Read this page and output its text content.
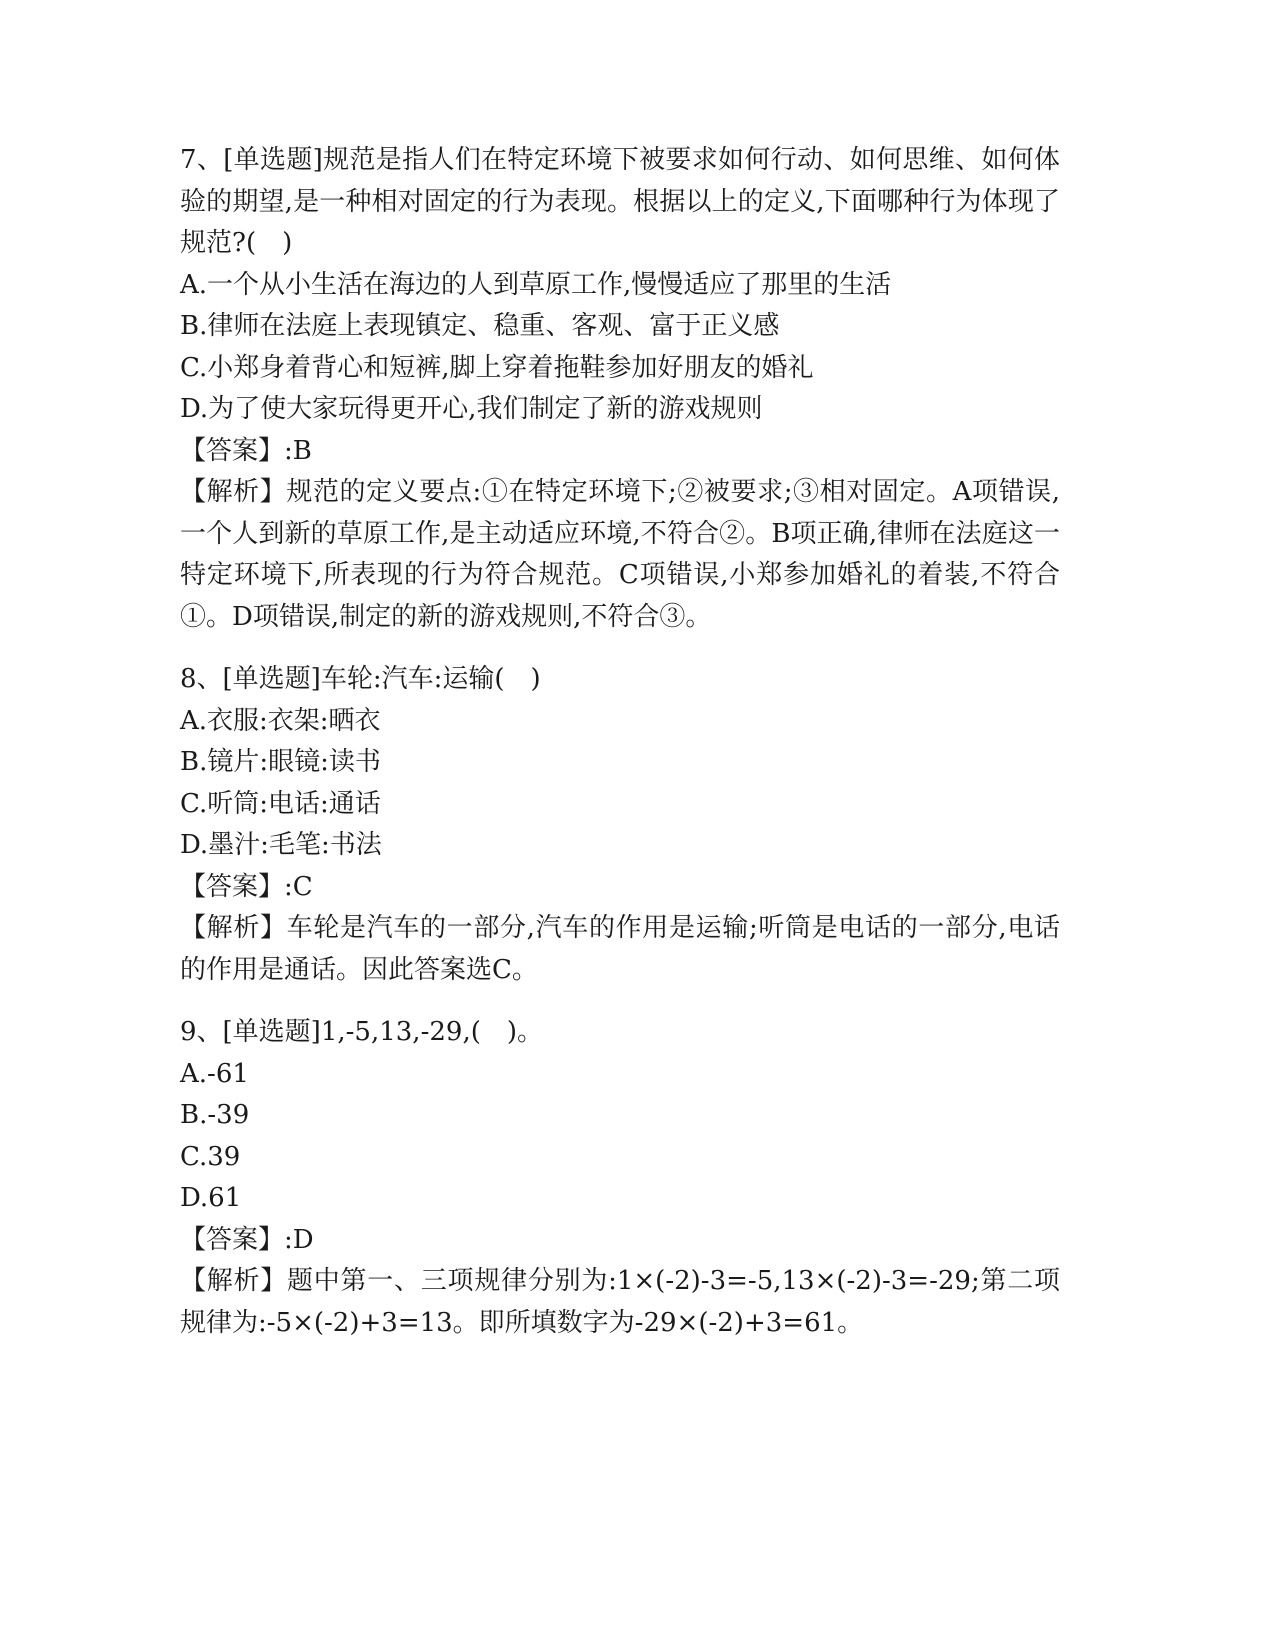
7、[单选题]规范是指人们在特定环境下被要求如何行动、如何思维、如何体验的期望,是一种相对固定的行为表现。根据以上的定义,下面哪种行为体现了规范?(　)

A.一个从小生活在海边的人到草原工作,慢慢适应了那里的生活

B.律师在法庭上表现镇定、稳重、客观、富于正义感

C.小郑身着背心和短裤,脚上穿着拖鞋参加好朋友的婚礼

D.为了使大家玩得更开心,我们制定了新的游戏规则

【答案】:B

【解析】规范的定义要点:①在特定环境下;②被要求;③相对固定。A项错误,一个人到新的草原工作,是主动适应环境,不符合②。B项正确,律师在法庭这一特定环境下,所表现的行为符合规范。C项错误,小郑参加婚礼的着装,不符合①。D项错误,制定的新的游戏规则,不符合③。

8、[单选题]车轮:汽车:运输(　)

A.衣服:衣架:晒衣

B.镜片:眼镜:读书

C.听筒:电话:通话

D.墨汁:毛笔:书法

【答案】:C

【解析】车轮是汽车的一部分,汽车的作用是运输;听筒是电话的一部分,电话的作用是通话。因此答案选C。

9、[单选题]1,-5,13,-29,(　)。

A.-61

B.-39

C.39

D.61

【答案】:D

【解析】题中第一、三项规律分别为:1×(-2)-3=-5,13×(-2)-3=-29;第二项规律为:-5×(-2)+3=13。即所填数字为-29×(-2)+3=61。
